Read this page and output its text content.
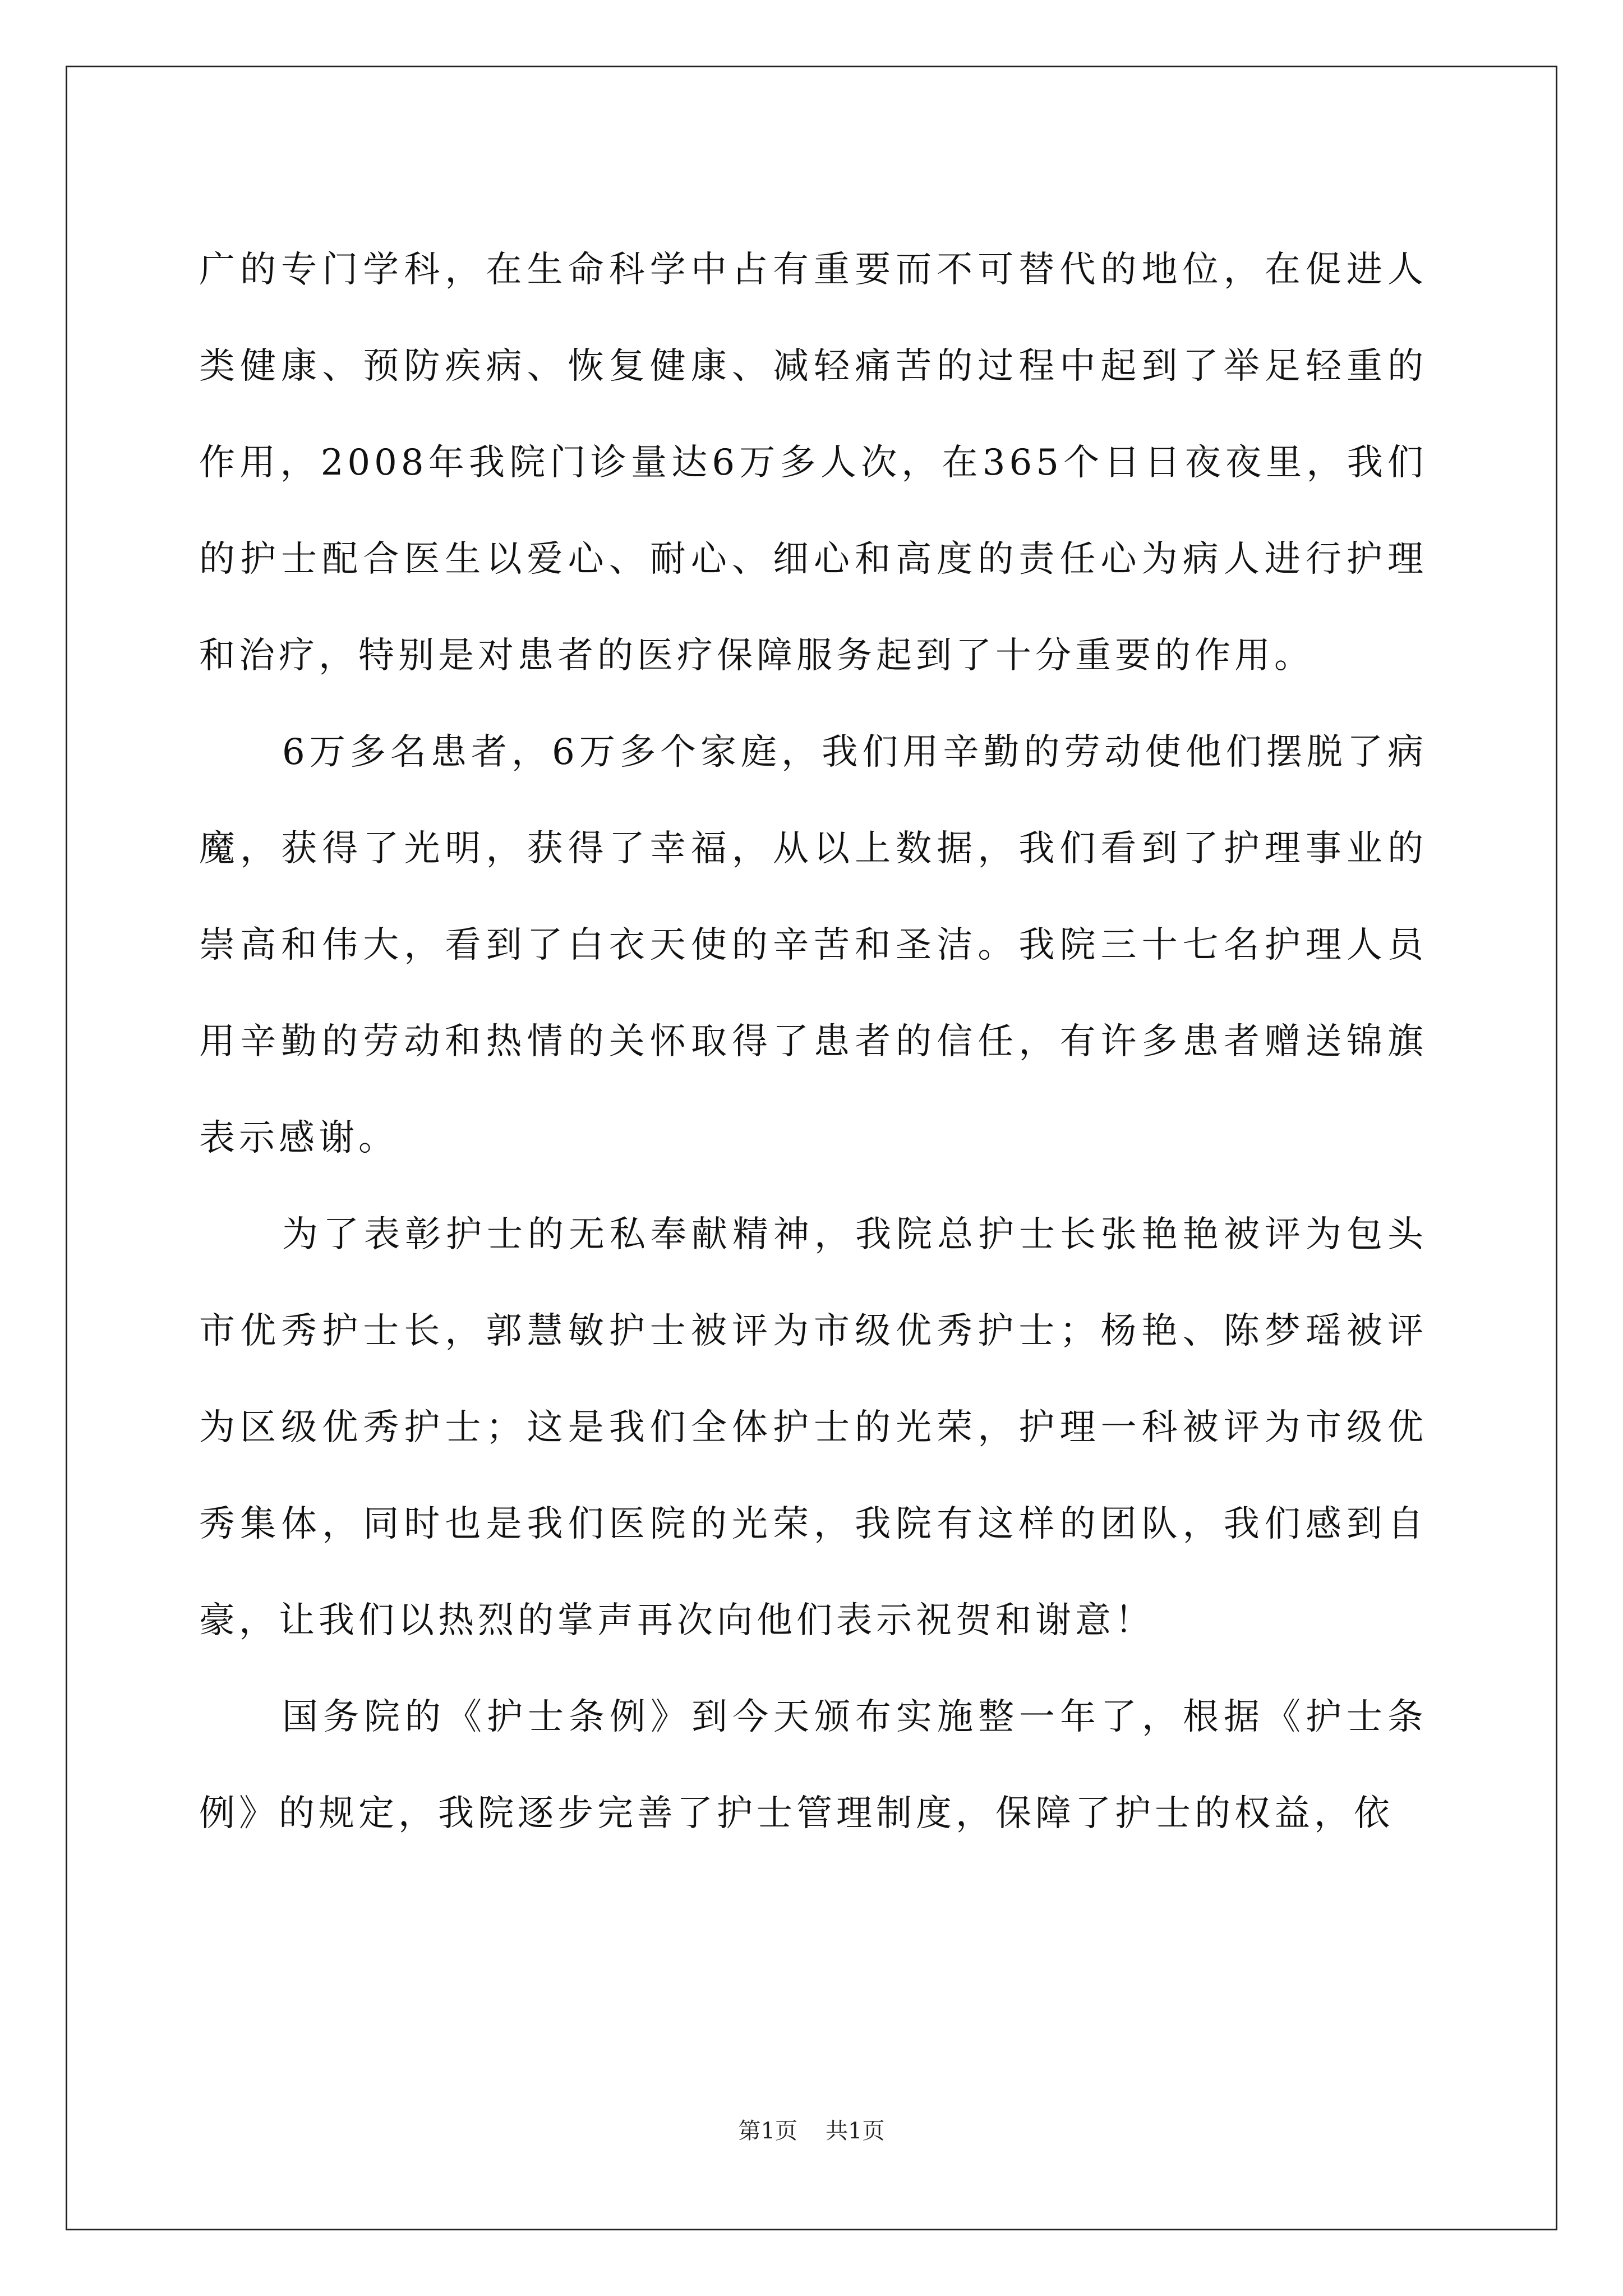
广的专门学科，在生命科学中占有重要而不可替代的地位，在促进人类健康、预防疾病、恢复健康、减轻痛苦的过程中起到了举足轻重的作用，2008年我院门诊量达6万多人次，在365个日日夜夜里，我们的护士配合医生以爱心、耐心、细心和高度的责任心为病人进行护理和治疗，特别是对患者的医疗保障服务起到了十分重要的作用。

6万多名患者，6万多个家庭，我们用辛勤的劳动使他们摆脱了病魔，获得了光明，获得了幸福，从以上数据，我们看到了护理事业的崇高和伟大，看到了白衣天使的辛苦和圣洁。我院三十七名护理人员用辛勤的劳动和热情的关怀取得了患者的信任，有许多患者赠送锦旗表示感谢。

为了表彰护士的无私奉献精神，我院总护士长张艳艳被评为包头市优秀护士长，郭慧敏护士被评为市级优秀护士；杨艳、陈梦瑶被评为区级优秀护士；这是我们全体护士的光荣，护理一科被评为市级优秀集体，同时也是我们医院的光荣，我院有这样的团队，我们感到自豪，让我们以热烈的掌声再次向他们表示祝贺和谢意！

国务院的《护士条例》到今天颁布实施整一年了，根据《护士条例》的规定，我院逐步完善了护士管理制度，保障了护士的权益，依

第1页 共1页
